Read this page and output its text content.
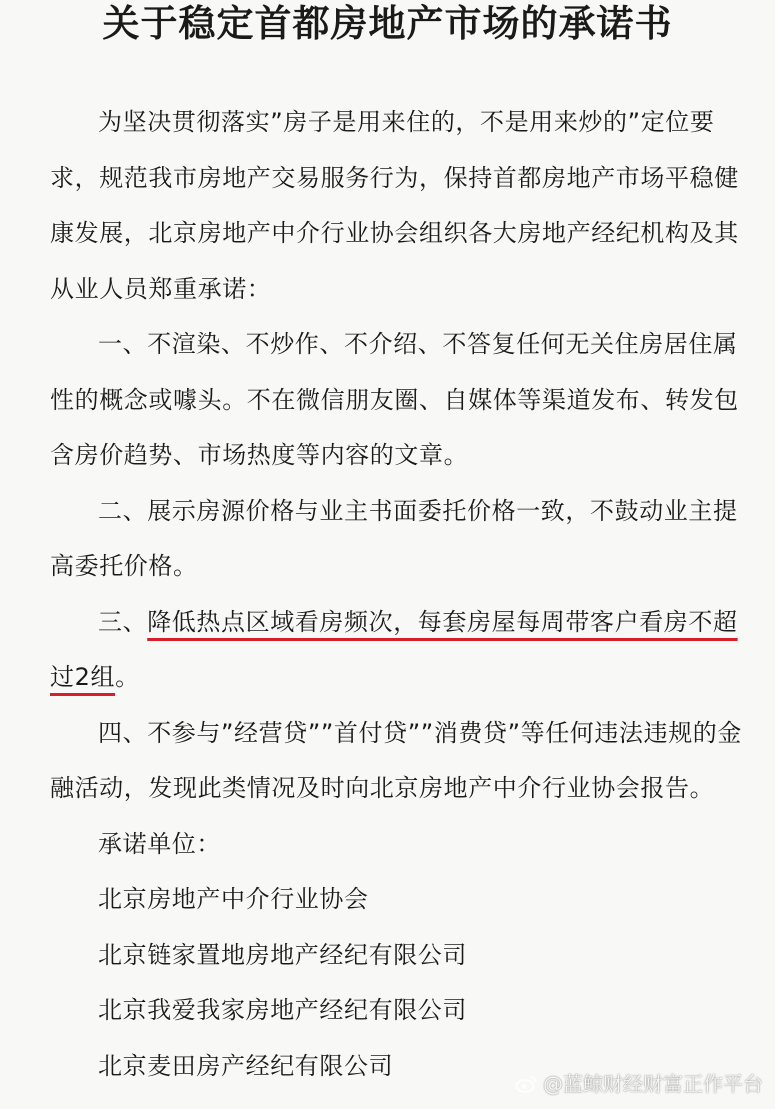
关于稳定首都房地产市场的承诺书

为坚决贯彻落实”房子是用来住的，不是用来炒的”定位要求，规范我市房地产交易服务行为，保持首都房地产市场平稳健康发展，北京房地产中介行业协会组织各大房地产经纪机构及其从业人员郑重承诺：

一、不渲染、不炒作、不介绍、不答复任何无关住房居住属性的概念或噱头。不在微信朋友圈、自媒体等渠道发布、转发包含房价趋势、市场热度等内容的文章。

二、展示房源价格与业主书面委托价格一致，不鼓动业主提高委托价格。

三、降低热点区域看房频次，每套房屋每周带客户看房不超过2组。

四、不参与”经营贷””首付贷””消费贷”等任何违法违规的金融活动，发现此类情况及时向北京房地产中介行业协会报告。

承诺单位：

北京房地产中介行业协会

北京链家置地房地产经纪有限公司

北京我爱我家房地产经纪有限公司

北京麦田房产经纪有限公司

@蓝鲸财经财富正作平台
